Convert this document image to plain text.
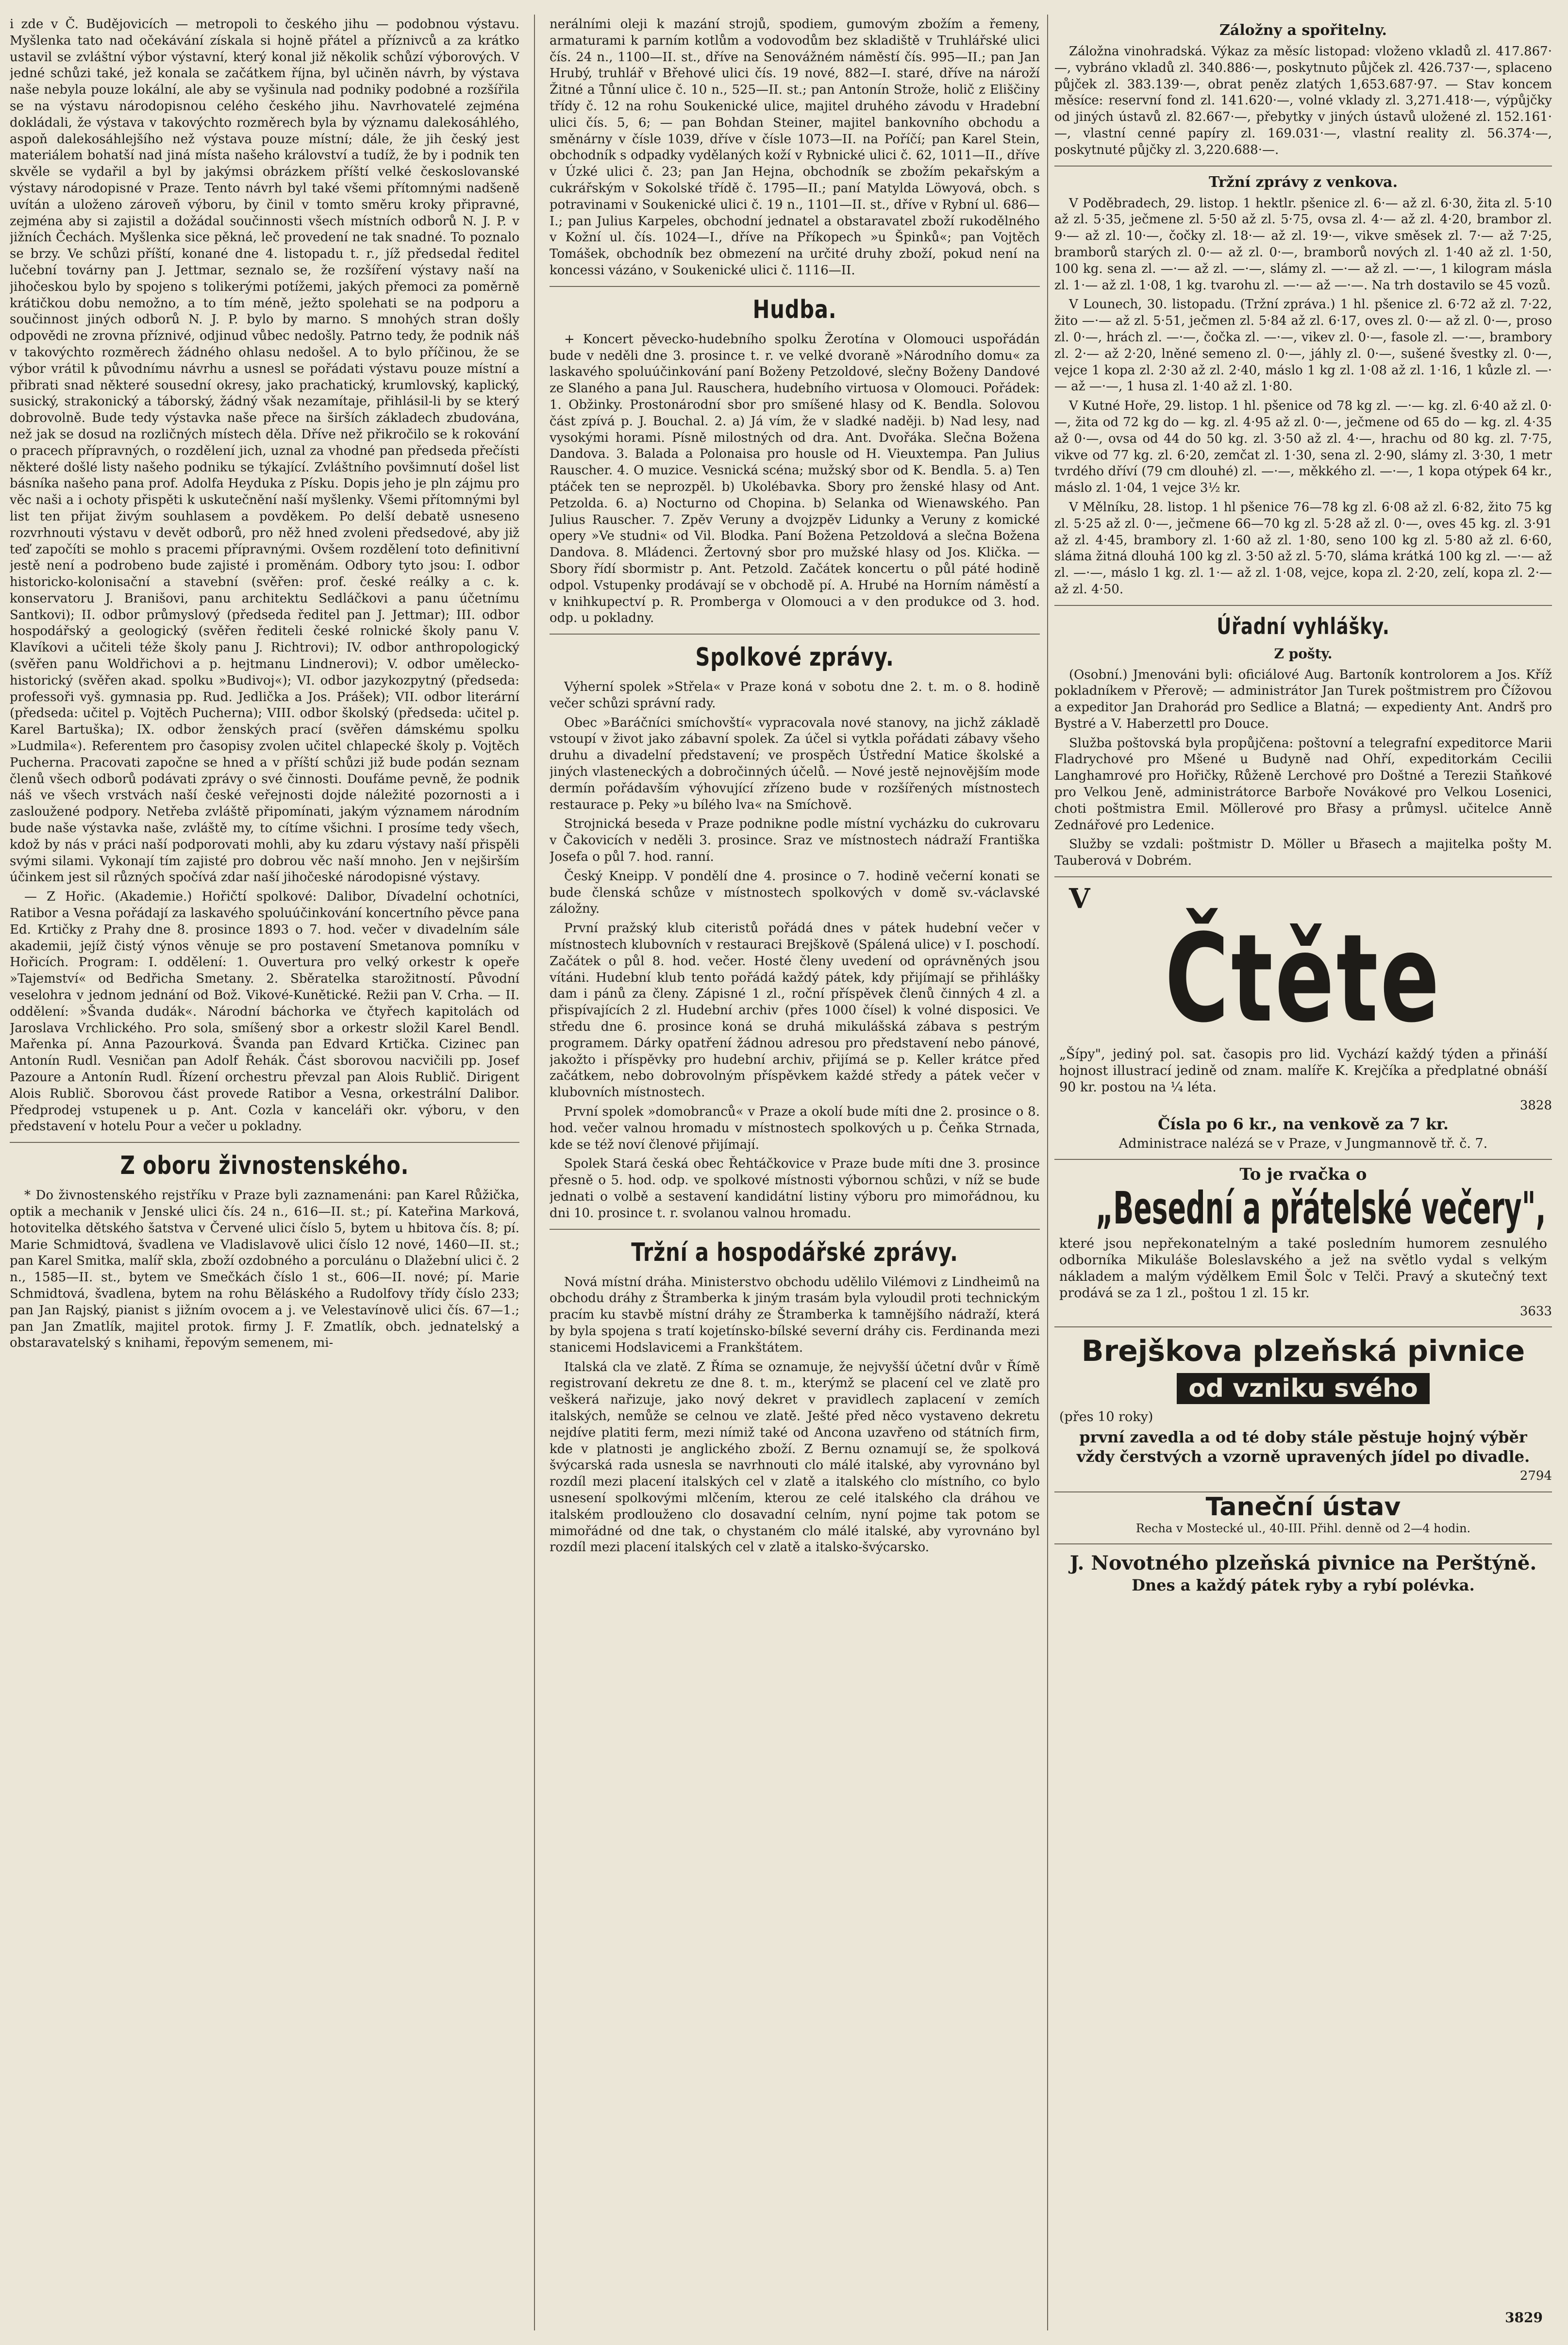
i zde v Č. Budějovicích — metropoli to českého jihu — podobnou výstavu. Myšlenka tato nad očekávání získala si hojně přátel a příznivců a za krátko ustavil se zvláštní výbor výstavní, který konal již několik schůzí výborových. V jedné schůzi také, jež konala se začátkem října, byl učiněn návrh, by výstava naše nebyla pouze lokální, ale aby se vyšinula nad podniky podobné a rozšířila se na výstavu národopisnou celého českého jihu. Navrhovatelé zejména dokládali, že výstava v takovýchto rozměrech byla by významu dalekosáhlého, aspoň dalekosáhlejšího než výstava pouze místní; dále, že jih český jest materiálem bohatší nad jiná místa našeho království a tudíž, že by i podnik ten skvěle se vydařil a byl by jakýmsi obrázkem příští velké českoslovanské výstavy národopisné v Praze. Tento návrh byl také všemi přítomnými nadšeně uvítán a uloženo zároveň výboru, by činil v tomto směru kroky připravné, zejména aby si zajistil a dožádal součinnosti všech místních odborů N. J. P. v jižních Čechách. Myšlenka sice pěkná, leč provedení ne tak snadné. To poznalo se brzy. Ve schůzi příští, konané dne 4. listopadu t. r., jíž předsedal ředitel lučební továrny pan J. Jettmar, seznalo se, že rozšíření výstavy naší na jihočeskou bylo by spojeno s tolikerými potížemi, jakých přemoci za poměrně krátičkou dobu nemožno, a to tím méně, ježto spolehati se na podporu a součinnost jiných odborů N. J. P. bylo by marno. S mnohých stran došly odpovědi ne zrovna příznivé, odjinud vůbec nedošly. Patrno tedy, že podnik náš v takovýchto rozměrech žádného ohlasu nedošel. A to bylo příčinou, že se výbor vrátil k původnímu návrhu a usnesl se pořádati výstavu pouze místní a přibrati snad některé sousední okresy, jako prachatický, krumlovský, kaplický, susický, strakonický a táborský, žádný však nezamítaje, přihlásil-li by se který dobrovolně. Bude tedy výstavka naše přece na širších základech zbudována, než jak se dosud na rozličných místech děla. Dříve než přikročilo se k rokování o pracech přípravných, o rozdělení jich, uznal za vhodné pan předseda přečísti některé došlé listy našeho podniku se týkající. Zvláštního povšimnutí došel list básníka našeho pana prof. Adolfa Heyduka z Písku. Dopis jeho je pln zájmu pro věc naši a i ochoty přispěti k uskutečnění naší myšlenky. Všemi přítomnými byl list ten přijat živým souhlasem a povděkem. Po delší debatě usneseno rozvrhnouti výstavu v devět odborů, pro něž hned zvoleni předsedové, aby již teď započíti se mohlo s pracemi přípravnými. Ovšem rozdělení toto definitivní jestě není a podrobeno bude zajisté i proměnám. Odbory tyto jsou: I. odbor historicko-kolonisační a stavební (svěřen: prof. české reálky a c. k. konservatoru J. Branišovi, panu architektu Sedláčkovi a panu účetnímu Santkovi); II. odbor průmyslový (předseda ředitel pan J. Jettmar); III. odbor hospodářský a geologický (svěřen řediteli české rolnické školy panu V. Klavíkovi a učiteli téže školy panu J. Richtrovi); IV. odbor anthropologický (svěřen panu Woldřichovi a p. hejtmanu Lindnerovi); V. odbor umělecko-historický (svěřen akad. spolku »Budivoj«); VI. odbor jazykozpytný (předseda: professoři vyš. gymnasia pp. Rud. Jedlička a Jos. Prášek); VII. odbor literární (předseda: učitel p. Vojtěch Pucherna); VIII. odbor školský (předseda: učitel p. Karel Bartuška); IX. odbor ženských prací (svěřen dámskému spolku »Ludmila«). Referentem pro časopisy zvolen učitel chlapecké školy p. Vojtěch Pucherna. Pracovati započne se hned a v příští schůzi již bude podán seznam členů všech odborů podávati zprávy o své činnosti. Doufáme pevně, že podnik náš ve všech vrstvách naší české veřejnosti dojde náležité pozornosti a i zasloužené podpory. Netřeba zvláště připomínati, jakým významem národním bude naše výstavka naše, zvláště my, to cítíme všichni. I prosíme tedy všech, kdož by nás v práci naší podporovati mohli, aby ku zdaru výstavy naší přispěli svými silami. Vykonají tím zajisté pro dobrou věc naší mnoho. Jen v nejširším účinkem jest sil různých spočívá zdar naší jihočeské národopisné výstavy.

— Z Hořic. (Akademie.) Hořičtí spolkové: Dalibor, Dívadelní ochotníci, Ratibor a Vesna pořádají za laskavého spoluúčinkování koncertního pěvce pana Ed. Krtičky z Prahy dne 8. prosince 1893 o 7. hod. večer v divadelním sále akademii, jejíž čistý výnos věnuje se pro postavení Smetanova pomníku v Hořicích. Program: I. oddělení: 1. Ouvertura pro velký orkestr k opeře »Tajemství« od Bedřicha Smetany. 2. Sběratelka starožitností. Původní veselohra v jednom jednání od Bož. Vikové-Kunětické. Režii pan V. Crha. — II. oddělení: »Švanda dudák«. Národní báchorka ve čtyřech kapitolách od Jaroslava Vrchlického. Pro sola, smíšený sbor a orkestr složil Karel Bendl. Mařenka pí. Anna Pazourková. Švanda pan Edvard Krtička. Cizinec pan Antonín Rudl. Vesničan pan Adolf Řehák. Část sborovou nacvičili pp. Josef Pazoure a Antonín Rudl. Řízení orchestru převzal pan Alois Rublič. Dirigent Alois Rublič. Sborovou část provede Ratibor a Vesna, orkestrální Dalibor. Předprodej vstupenek u p. Ant. Cozla v kanceláři okr. výboru, v den představení v hotelu Pour a večer u pokladny.

Z oboru živnostenského.

* Do živnostenského rejstříku v Praze byli zaznamenáni: pan Karel Růžička, optik a mechanik v Jenské ulici čís. 24 n., 616—II. st.; pí. Kateřina Marková, hotovitelka dětského šatstva v Červené ulici číslo 5, bytem u hbitova čís. 8; pí. Marie Schmidtová, švadlena ve Vladislavově ulici číslo 12 nové, 1460—II. st.; pan Karel Smitka, malíř skla, zboží ozdobného a porculánu o Dlažební ulici č. 2 n., 1585—II. st., bytem ve Smečkách číslo 1 st., 606—II. nové; pí. Marie Schmidtová, švadlena, bytem na rohu Běláského a Rudolfovy třídy číslo 233; pan Jan Rajský, pianist s jižním ovocem a j. ve Velestavínově ulici čís. 67—1.; pan Jan Zmatlík, majitel protok. firmy J. F. Zmatlík, obch. jednatelský a obstaravatelský s knihami, řepovým semenem, mi-

nerálními oleji k mazání strojů, spodiem, gumovým zbožím a řemeny, armaturami k parním kotlům a vodovodům bez skladiště v Truhlářské ulici čís. 24 n., 1100—II. st., dříve na Senovážném náměstí čís. 995—II.; pan Jan Hrubý, truhlář v Břehové ulici čís. 19 nové, 882—I. staré, dříve na nároží Žitné a Tůnní ulice č. 10 n., 525—II. st.; pan Antonín Strože, holič z Eliščiny třídy č. 12 na rohu Soukenické ulice, majitel druhého závodu v Hradební ulici čís. 5, 6; — pan Bohdan Steiner, majitel bankovního obchodu a směnárny v čísle 1039, dříve v čísle 1073—II. na Poříčí; pan Karel Stein, obchodník s odpadky vydělaných koží v Rybnické ulici č. 62, 1011—II., dříve v Úzké ulici č. 23; pan Jan Hejna, obchodník se zbožím pekařským a cukrářským v Sokolské třídě č. 1795—II.; paní Matylda Löwyová, obch. s potravinami v Soukenické ulici č. 19 n., 1101—II. st., dříve v Rybní ul. 686—I.; pan Julius Karpeles, obchodní jednatel a obstaravatel zboží rukodělného v Kožní ul. čís. 1024—I., dříve na Příkopech »u Špinků«; pan Vojtěch Tomášek, obchodník bez obmezení na určité druhy zboží, pokud není na koncessi vázáno, v Soukenické ulici č. 1116—II.

Hudba.

+ Koncert pěvecko-hudebního spolku Žerotína v Olomouci uspořádán bude v neděli dne 3. prosince t. r. ve velké dvoraně »Národního domu« za laskavého spoluúčinkování paní Boženy Petzoldové, slečny Boženy Dandové ze Slaného a pana Jul. Rauschera, hudebního virtuosa v Olomouci. Pořádek: 1. Obžinky. Prostonárodní sbor pro smíšené hlasy od K. Bendla. Solovou část zpívá p. J. Bouchal. 2. a) Já vím, že v sladké naději. b) Nad lesy, nad vysokými horami. Písně milostných od dra. Ant. Dvořáka. Slečna Božena Dandova. 3. Balada a Polonaisa pro housle od H. Vieuxtempa. Pan Julius Rauscher. 4. O muzice. Vesnická scéna; mužský sbor od K. Bendla. 5. a) Ten ptáček ten se neprozpěl. b) Ukolébavka. Sbory pro ženské hlasy od Ant. Petzolda. 6. a) Nocturno od Chopina. b) Selanka od Wienawského. Pan Julius Rauscher. 7. Zpěv Veruny a dvojzpěv Lidunky a Veruny z komické opery »Ve studni« od Vil. Blodka. Paní Božena Petzoldová a slečna Božena Dandova. 8. Mládenci. Žertovný sbor pro mužské hlasy od Jos. Klička. — Sbory řídí sbormistr p. Ant. Petzold. Začátek koncertu o půl páté hodině odpol. Vstupenky prodávají se v obchodě pí. A. Hrubé na Horním náměstí a v knihkupectví p. R. Promberga v Olomouci a v den produkce od 3. hod. odp. u pokladny.

Spolkové zprávy.

Výherní spolek »Střela« v Praze koná v sobotu dne 2. t. m. o 8. hodině večer schůzi správní rady.

Obec »Baráčníci smíchovští« vypracovala nové stanovy, na jichž základě vstoupí v život jako zábavní spolek. Za účel si vytkla pořádati zábavy všeho druhu a divadelní představení; ve prospěch Ústřední Matice školské a jiných vlasteneckých a dobročinných účelů. — Nové jestě nejnovějším mode dermín pořádavším výhovující zřízeno bude v rozšířených místnostech restaurace p. Peky »u bílého lva« na Smíchově.

Strojnická beseda v Praze podnikne podle místní vycházku do cukrovaru v Čakovicích v neděli 3. prosince. Sraz ve místnostech nádraží Františka Josefa o půl 7. hod. ranní.

Český Kneipp. V pondělí dne 4. prosince o 7. hodině večerní konati se bude členská schůze v místnostech spolkových v domě sv.-václavské záložny.

První pražský klub citeristů pořádá dnes v pátek hudební večer v místnostech klubovních v restauraci Brejškově (Spálená ulice) v I. poschodí. Začátek o půl 8. hod. večer. Hosté členy uvedení od oprávněných jsou vítáni. Hudební klub tento pořádá každý pátek, kdy přijímají se přihlášky dam i pánů za členy. Zápisné 1 zl., roční příspěvek členů činných 4 zl. a přispívajících 2 zl. Hudební archiv (přes 1000 čísel) k volné disposici. Ve středu dne 6. prosince koná se druhá mikulášská zábava s pestrým programem. Dárky opatření žádnou adresou pro představení nebo pánové, jakožto i příspěvky pro hudební archiv, přijímá se p. Keller krátce před začátkem, nebo dobrovolným příspěvkem každé středy a pátek večer v klubovních místnostech.

První spolek »domobranců« v Praze a okolí bude míti dne 2. prosince o 8. hod. večer valnou hromadu v místnostech spolkových u p. Čeňka Strnada, kde se též noví členové přijímají.

Spolek Stará česká obec Řehtáčkovice v Praze bude míti dne 3. prosince přesně o 5. hod. odp. ve spolkové místnosti výbornou schůzi, v níž se bude jednati o volbě a sestavení kandidátní listiny výboru pro mimořádnou, ku dni 10. prosince t. r. svolanou valnou hromadu.

Tržní a hospodářské zprávy.

Nová místní dráha. Ministerstvo obchodu udělilo Vilémovi z Lindheimů na obchodu dráhy z Štramberka k jiným trasám byla vyloudil proti technickým pracím ku stavbě místní dráhy ze Štramberka k tamnějšího nádraží, která by byla spojena s tratí kojetínsko-bílské severní dráhy cis. Ferdinanda mezi stanicemi Hodslavicemi a Frankštátem.

Italská cla ve zlatě. Z Říma se oznamuje, že nejvyšší účetní dvůr v Římě registrovaní dekretu ze dne 8. t. m., kterýmž se placení cel ve zlatě pro veškerá nařizuje, jako nový dekret v pravidlech zaplacení v zemích italských, nemůže se celnou ve zlatě. Ješté před něco vystaveno dekretu nejdíve platiti ferm, mezi nímiž také od Ancona uzavřeno od státních firm, kde v platnosti je anglického zboží. Z Bernu oznamují se, že spolková švýcarská rada usnesla se navrhnouti clo málé italské, aby vyrovnáno byl rozdíl mezi placení italských cel v zlatě a italského clo místního, co bylo usnesení spolkovými mlčením, kterou ze celé italského cla dráhou ve italském prodlouženo clo dosavadní celním, nyní pojme tak potom se mimořádné od dne tak, o chystaném clo málé italské, aby vyrovnáno byl rozdíl mezi placení italských cel v zlatě a italsko-švýcarsko.

Záložny a spořitelny.

Záložna vinohradská. Výkaz za měsíc listopad: vloženo vkladů zl. 417.867·—, vybráno vkladů zl. 340.886·—, poskytnuto půjček zl. 426.737·—, splaceno půjček zl. 383.139·—, obrat peněz zlatých 1,653.687·97. — Stav koncem měsíce: reservní fond zl. 141.620·—, volné vklady zl. 3,271.418·—, výpůjčky od jiných ústavů zl. 82.667·—, přebytky v jiných ústavů uložené zl. 152.161·—, vlastní cenné papíry zl. 169.031·—, vlastní reality zl. 56.374·—, poskytnuté půjčky zl. 3,220.688·—.

Tržní zprávy z venkova.

V Poděbradech, 29. listop. 1 hektlr. pšenice zl. 6·— až zl. 6·30, žita zl. 5·10 až zl. 5·35, ječmene zl. 5·50 až zl. 5·75, ovsa zl. 4·— až zl. 4·20, brambor zl. 9·— až zl. 10·—, čočky zl. 18·— až zl. 19·—, vikve směsek zl. 7·— až 7·25, bramborů starých zl. 0·— až zl. 0·—, bramborů nových zl. 1·40 až zl. 1·50, 100 kg. sena zl. —·— až zl. —·—, slámy zl. —·— až zl. —·—, 1 kilogram másla zl. 1·— až zl. 1·08, 1 kg. tvarohu zl. —·— až —·—. Na trh dostavilo se 45 vozů.

V Lounech, 30. listopadu. (Tržní zpráva.) 1 hl. pšenice zl. 6·72 až zl. 7·22, žito —·— až zl. 5·51, ječmen zl. 5·84 až zl. 6·17, oves zl. 0·— až zl. 0·—, proso zl. 0·—, hrách zl. —·—, čočka zl. —·—, vikev zl. 0·—, fasole zl. —·—, brambory zl. 2·— až 2·20, lněné semeno zl. 0·—, jáhly zl. 0·—, sušené švestky zl. 0·—, vejce 1 kopa zl. 2·30 až zl. 2·40, máslo 1 kg zl. 1·08 až zl. 1·16, 1 kůzle zl. —·— až —·—, 1 husa zl. 1·40 až zl. 1·80.

V Kutné Hoře, 29. listop. 1 hl. pšenice od 78 kg zl. —·— kg. zl. 6·40 až zl. 0·—, žita od 72 kg do — kg. zl. 4·95 až zl. 0·—, ječmene od 65 do — kg. zl. 4·35 až 0·—, ovsa od 44 do 50 kg. zl. 3·50 až zl. 4·—, hrachu od 80 kg. zl. 7·75, vikve od 77 kg. zl. 6·20, zemčat zl. 1·30, sena zl. 2·90, slámy zl. 3·30, 1 metr tvrdého dříví (79 cm dlouhé) zl. —·—, měkkého zl. —·—, 1 kopa otýpek 64 kr., máslo zl. 1·04, 1 vejce 3½ kr.

V Mělníku, 28. listop. 1 hl pšenice 76—78 kg zl. 6·08 až zl. 6·82, žito 75 kg zl. 5·25 až zl. 0·—, ječmene 66—70 kg zl. 5·28 až zl. 0·—, oves 45 kg. zl. 3·91 až zl. 4·45, brambory zl. 1·60 až zl. 1·80, seno 100 kg zl. 5·80 až zl. 6·60, sláma žitná dlouhá 100 kg zl. 3·50 až zl. 5·70, sláma krátká 100 kg zl. —·— až zl. —·—, máslo 1 kg. zl. 1·— až zl. 1·08, vejce, kopa zl. 2·20, zelí, kopa zl. 2·— až zl. 4·50.

Úřadní vyhlášky.
Z pošty.

(Osobní.) Jmenováni byli: oficiálové Aug. Bartoník kontrolorem a Jos. Kříž pokladníkem v Přerově; — administrátor Jan Turek poštmistrem pro Čížovou a expeditor Jan Drahorád pro Sedlice a Blatná; — expedienty Ant. Andrš pro Bystré a V. Haberzettl pro Douce.

Služba poštovská byla propůjčena: poštovní a telegrafní expeditorce Marii Fladrychové pro Mšené u Budyně nad Ohří, expeditorkám Cecilii Langhamrové pro Hořičky, Růženě Lerchové pro Doštné a Terezii Staňkové pro Velkou Jeně, administrátorce Barboře Novákové pro Velkou Losenici, choti poštmistra Emil. Möllerové pro Břasy a průmysl. učitelce Anně Zednářové pro Ledenice.

Služby se vzdali: poštmistr D. Möller u Břasech a majitelka pošty M. Tauberová v Dobrém.

V
Čtěte
„Šípy", jediný pol. sat. časopis pro lid. Vychází každý týden a přináší hojnost illustrací jedině od znam. malíře K. Krejčíka a předplatné obnáší 90 kr. postou na ¼ léta.
3828
Čísla po 6 kr., na venkově za 7 kr.
Administrace nalézá se v Praze, v Jungmannově tř. č. 7.
To je rvačka o
„Besední a přátelské večery",
které jsou nepřekonatelným a také posledním humorem zesnulého odborníka Mikuláše Boleslavského a jež na světlo vydal s velkým nákladem a malým výdělkem Emil Šolc v Telči. Pravý a skutečný text prodává se za 1 zl., poštou 1 zl. 15 kr.
3633
Brejškova plzeňská pivnice
od vzniku svého
(přes 10 roky)
první zavedla a od té doby stále pěstuje hojný výběr vždy čerstvých a vzorně upravených jídel po divadle.
2794
Taneční ústav Recha v Mostecké ul., 40-III. Přihl. denně od 2—4 hodin.
J. Novotného plzeňská pivnice na Perštýně.
Dnes a každý pátek ryby a rybí polévka.
3829
